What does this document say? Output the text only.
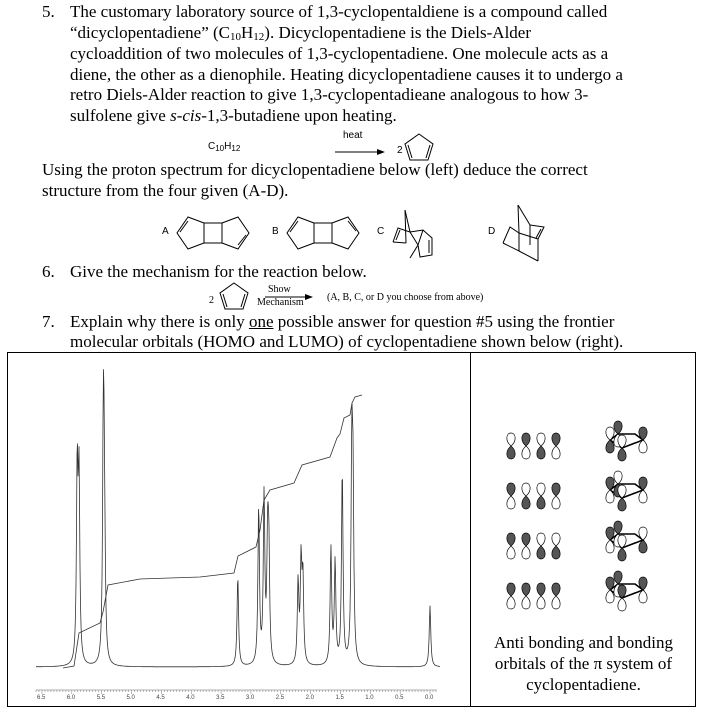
5. The customary laboratory source of 1,3-cyclopentaldiene is a compound called
“dicyclopentadiene” $(C_{10}H_{12})$. Dicyclopentadiene is the Diels-Alder
cycloaddition of two molecules of 1,3-cyclopentadiene. One molecule acts as a
diene, the other as a dienophile. Heating dicyclopentadiene causes it to undergo a
retro Diels-Alder reaction to give 1,3-cyclopentadieane analogous to how 3-
sulfolene give s-cis-1,3-butadiene upon heating.
$C_{10}H_{12}$
heat
→ 2
Using the proton spectrum for dicyclopentadiene below (left) deduce the correct
structure from the four given (A-D).
A	B	C	D
6. Give the mechanism for the reaction below.
2
Show
Mechanism (A, B, C, or D you choose from above)
7. Explain why there is only one possible answer for question #5 using the frontier
molecular orbitals (HOMO and LUMO) of cyclopentadiene shown below (right).
6.5	6.0	5.5	5.0	4.5	4.0	3.5	3.0	2.5	2.0	1.5	1.0	0.5	0.0
Anti bonding and bonding
orbitals of the π system of
cyclopentadiene.
